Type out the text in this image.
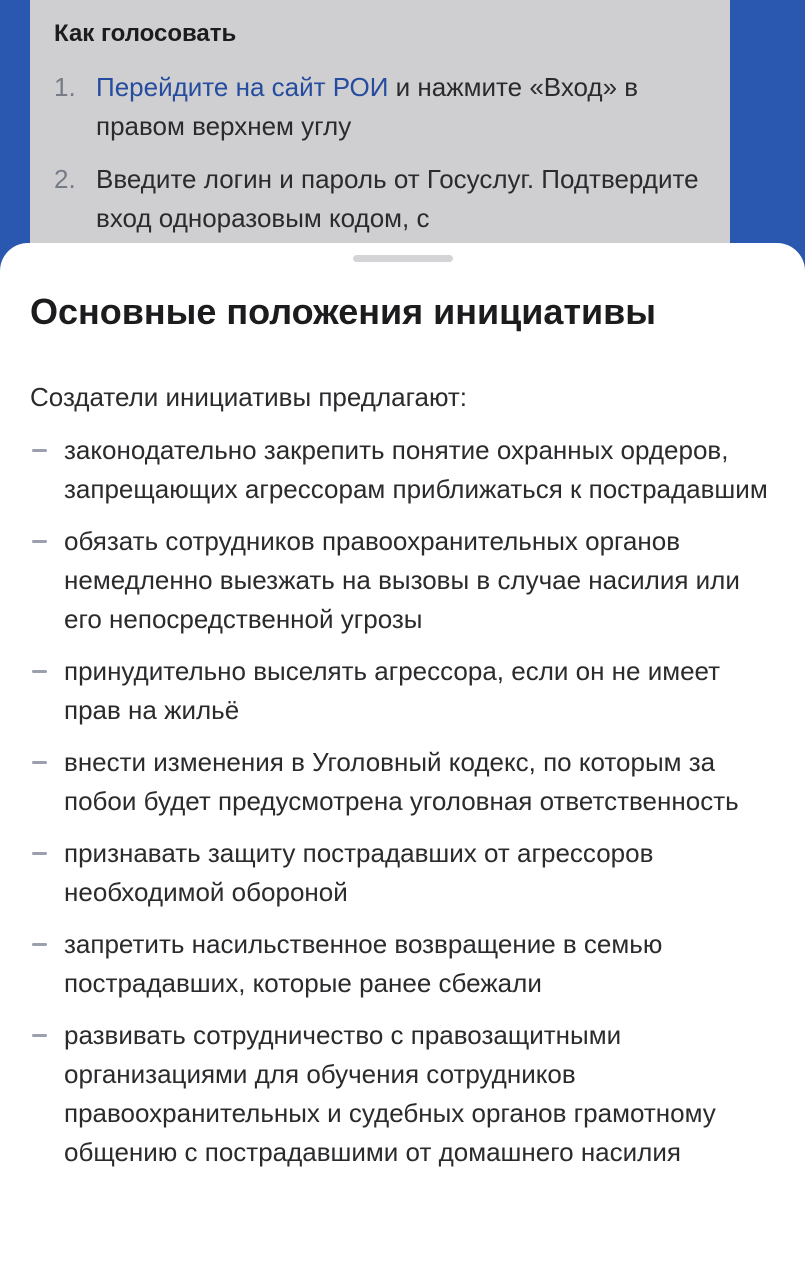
Как голосовать
1. Перейдите на сайт РОИ и нажмите «Вход» в правом верхнем углу
2. Введите логин и пароль от Госуслуг. Подтвердите вход одноразовым кодом, с
Основные положения инициативы
Создатели инициативы предлагают:
законодательно закрепить понятие охранных ордеров, запрещающих агрессорам приближаться к пострадавшим
обязать сотрудников правоохранительных органов немедленно выезжать на вызовы в случае насилия или его непосредственной угрозы
принудительно выселять агрессора, если он не имеет прав на жильё
внести изменения в Уголовный кодекс, по которым за побои будет предусмотрена уголовная ответственность
признавать защиту пострадавших от агрессоров необходимой обороной
запретить насильственное возвращение в семью пострадавших, которые ранее сбежали
развивать сотрудничество с правозащитными организациями для обучения сотрудников правоохранительных и судебных органов грамотному общению с пострадавшими от домашнего насилия
